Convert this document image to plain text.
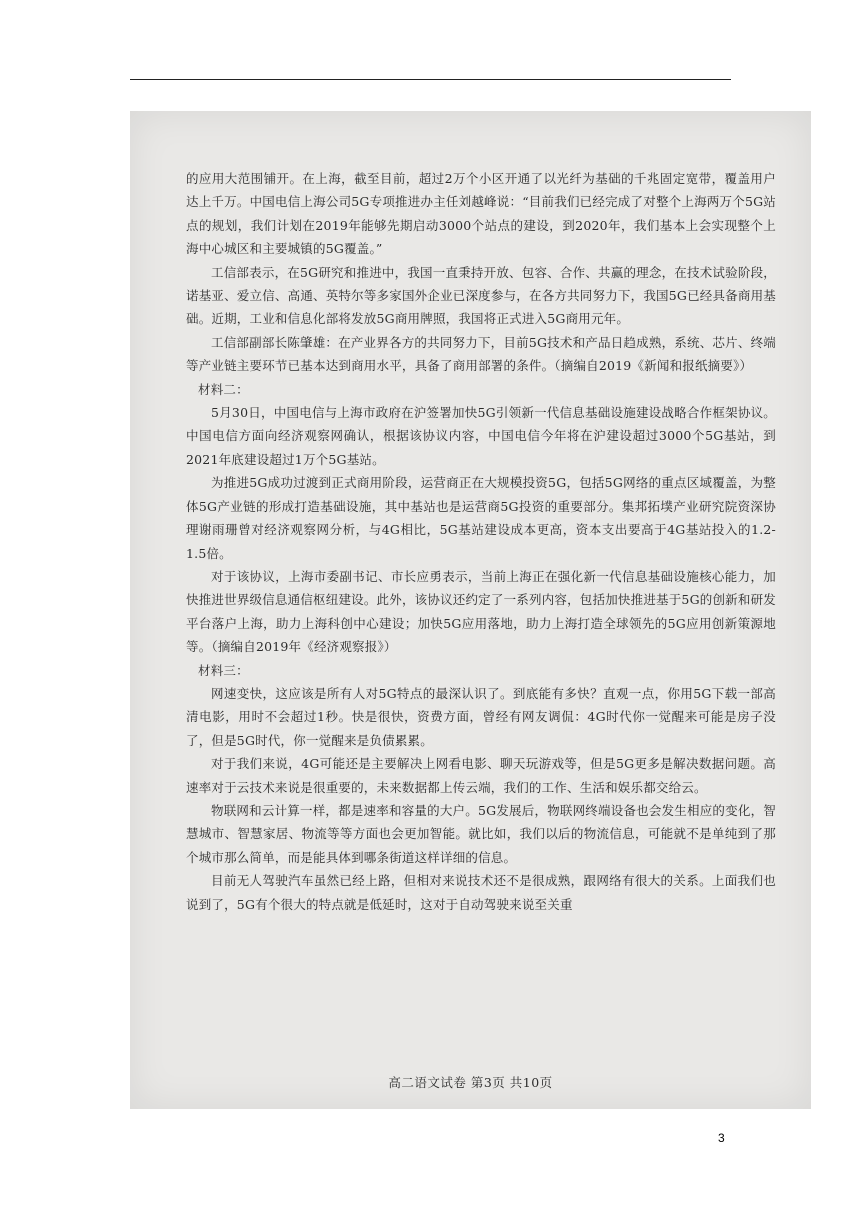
的应用大范围铺开。在上海，截至目前，超过2万个小区开通了以光纤为基础的千兆固定宽带，覆盖用户达上千万。中国电信上海公司5G专项推进办主任刘越峰说：“目前我们已经完成了对整个上海两万个5G站点的规划，我们计划在2019年能够先期启动3000个站点的建设，到2020年，我们基本上会实现整个上海中心城区和主要城镇的5G覆盖。”

工信部表示，在5G研究和推进中，我国一直秉持开放、包容、合作、共赢的理念，在技术试验阶段，诺基亚、爱立信、高通、英特尔等多家国外企业已深度参与，在各方共同努力下，我国5G已经具备商用基础。近期，工业和信息化部将发放5G商用牌照，我国将正式进入5G商用元年。

工信部副部长陈肇雄：在产业界各方的共同努力下，目前5G技术和产品日趋成熟，系统、芯片、终端等产业链主要环节已基本达到商用水平，具备了商用部署的条件。（摘编自2019《新闻和报纸摘要》）

材料二：

5月30日，中国电信与上海市政府在沪签署加快5G引领新一代信息基础设施建设战略合作框架协议。中国电信方面向经济观察网确认，根据该协议内容，中国电信今年将在沪建设超过3000个5G基站，到2021年底建设超过1万个5G基站。

为推进5G成功过渡到正式商用阶段，运营商正在大规模投资5G，包括5G网络的重点区域覆盖，为整体5G产业链的形成打造基础设施，其中基站也是运营商5G投资的重要部分。集邦拓墣产业研究院资深协理谢雨珊曾对经济观察网分析，与4G相比，5G基站建设成本更高，资本支出要高于4G基站投入的1.2-1.5倍。

对于该协议，上海市委副书记、市长应勇表示，当前上海正在强化新一代信息基础设施核心能力，加快推进世界级信息通信枢纽建设。此外，该协议还约定了一系列内容，包括加快推进基于5G的创新和研发平台落户上海，助力上海科创中心建设；加快5G应用落地，助力上海打造全球领先的5G应用创新策源地等。（摘编自2019年《经济观察报》）

材料三：

网速变快，这应该是所有人对5G特点的最深认识了。到底能有多快？直观一点，你用5G下载一部高清电影，用时不会超过1秒。快是很快，资费方面，曾经有网友调侃：4G时代你一觉醒来可能是房子没了，但是5G时代，你一觉醒来是负债累累。

对于我们来说，4G可能还是主要解决上网看电影、聊天玩游戏等，但是5G更多是解决数据问题。高速率对于云技术来说是很重要的，未来数据都上传云端，我们的工作、生活和娱乐都交给云。

物联网和云计算一样，都是速率和容量的大户。5G发展后，物联网终端设备也会发生相应的变化，智慧城市、智慧家居、物流等等方面也会更加智能。就比如，我们以后的物流信息，可能就不是单纯到了那个城市那么简单，而是能具体到哪条街道这样详细的信息。

目前无人驾驶汽车虽然已经上路，但相对来说技术还不是很成熟，跟网络有很大的关系。上面我们也说到了，5G有个很大的特点就是低延时，这对于自动驾驶来说至关重

高二语文试卷 第3页 共10页
3
